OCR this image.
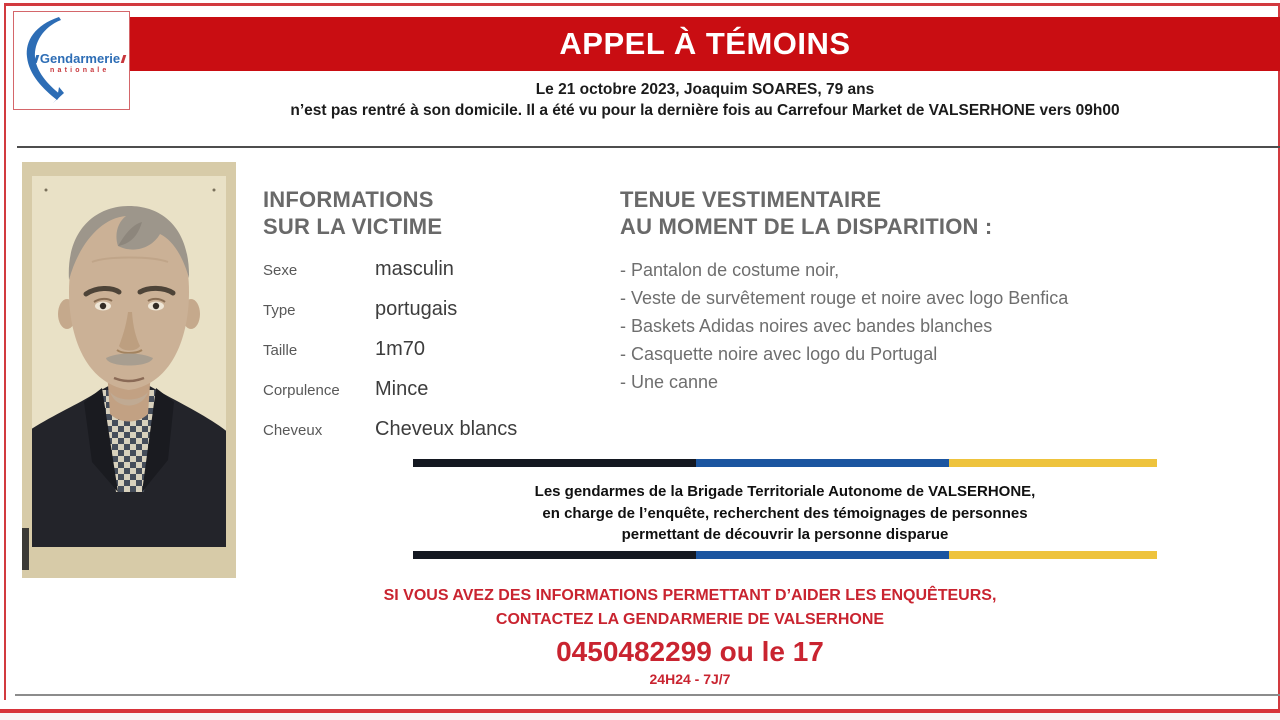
Gendarmerie
nationale
APPEL À TÉMOINS
Le 21 octobre 2023, Joaquim SOARES, 79 ans
n’est pas rentré à son domicile. Il a été vu pour la dernière fois au Carrefour Market de VALSERHONE vers 09h00
INFORMATIONS
SUR LA VICTIME
Sexe	masculin
Type	portugais
Taille	1m70
Corpulence	Mince
Cheveux	Cheveux blancs
TENUE VESTIMENTAIRE
AU MOMENT DE LA DISPARITION :
- Pantalon de costume noir,
- Veste de survêtement rouge et noire avec logo Benfica
- Baskets Adidas noires avec bandes blanches
- Casquette noire avec logo du Portugal
- Une canne
Les gendarmes de la Brigade Territoriale Autonome de VALSERHONE,
en charge de l’enquête, recherchent des témoignages de personnes
permettant de découvrir la personne disparue
SI VOUS AVEZ DES INFORMATIONS PERMETTANT D’AIDER LES ENQUÊTEURS,
CONTACTEZ LA GENDARMERIE DE VALSERHONE
0450482299 ou le 17
24H24 - 7J/7
